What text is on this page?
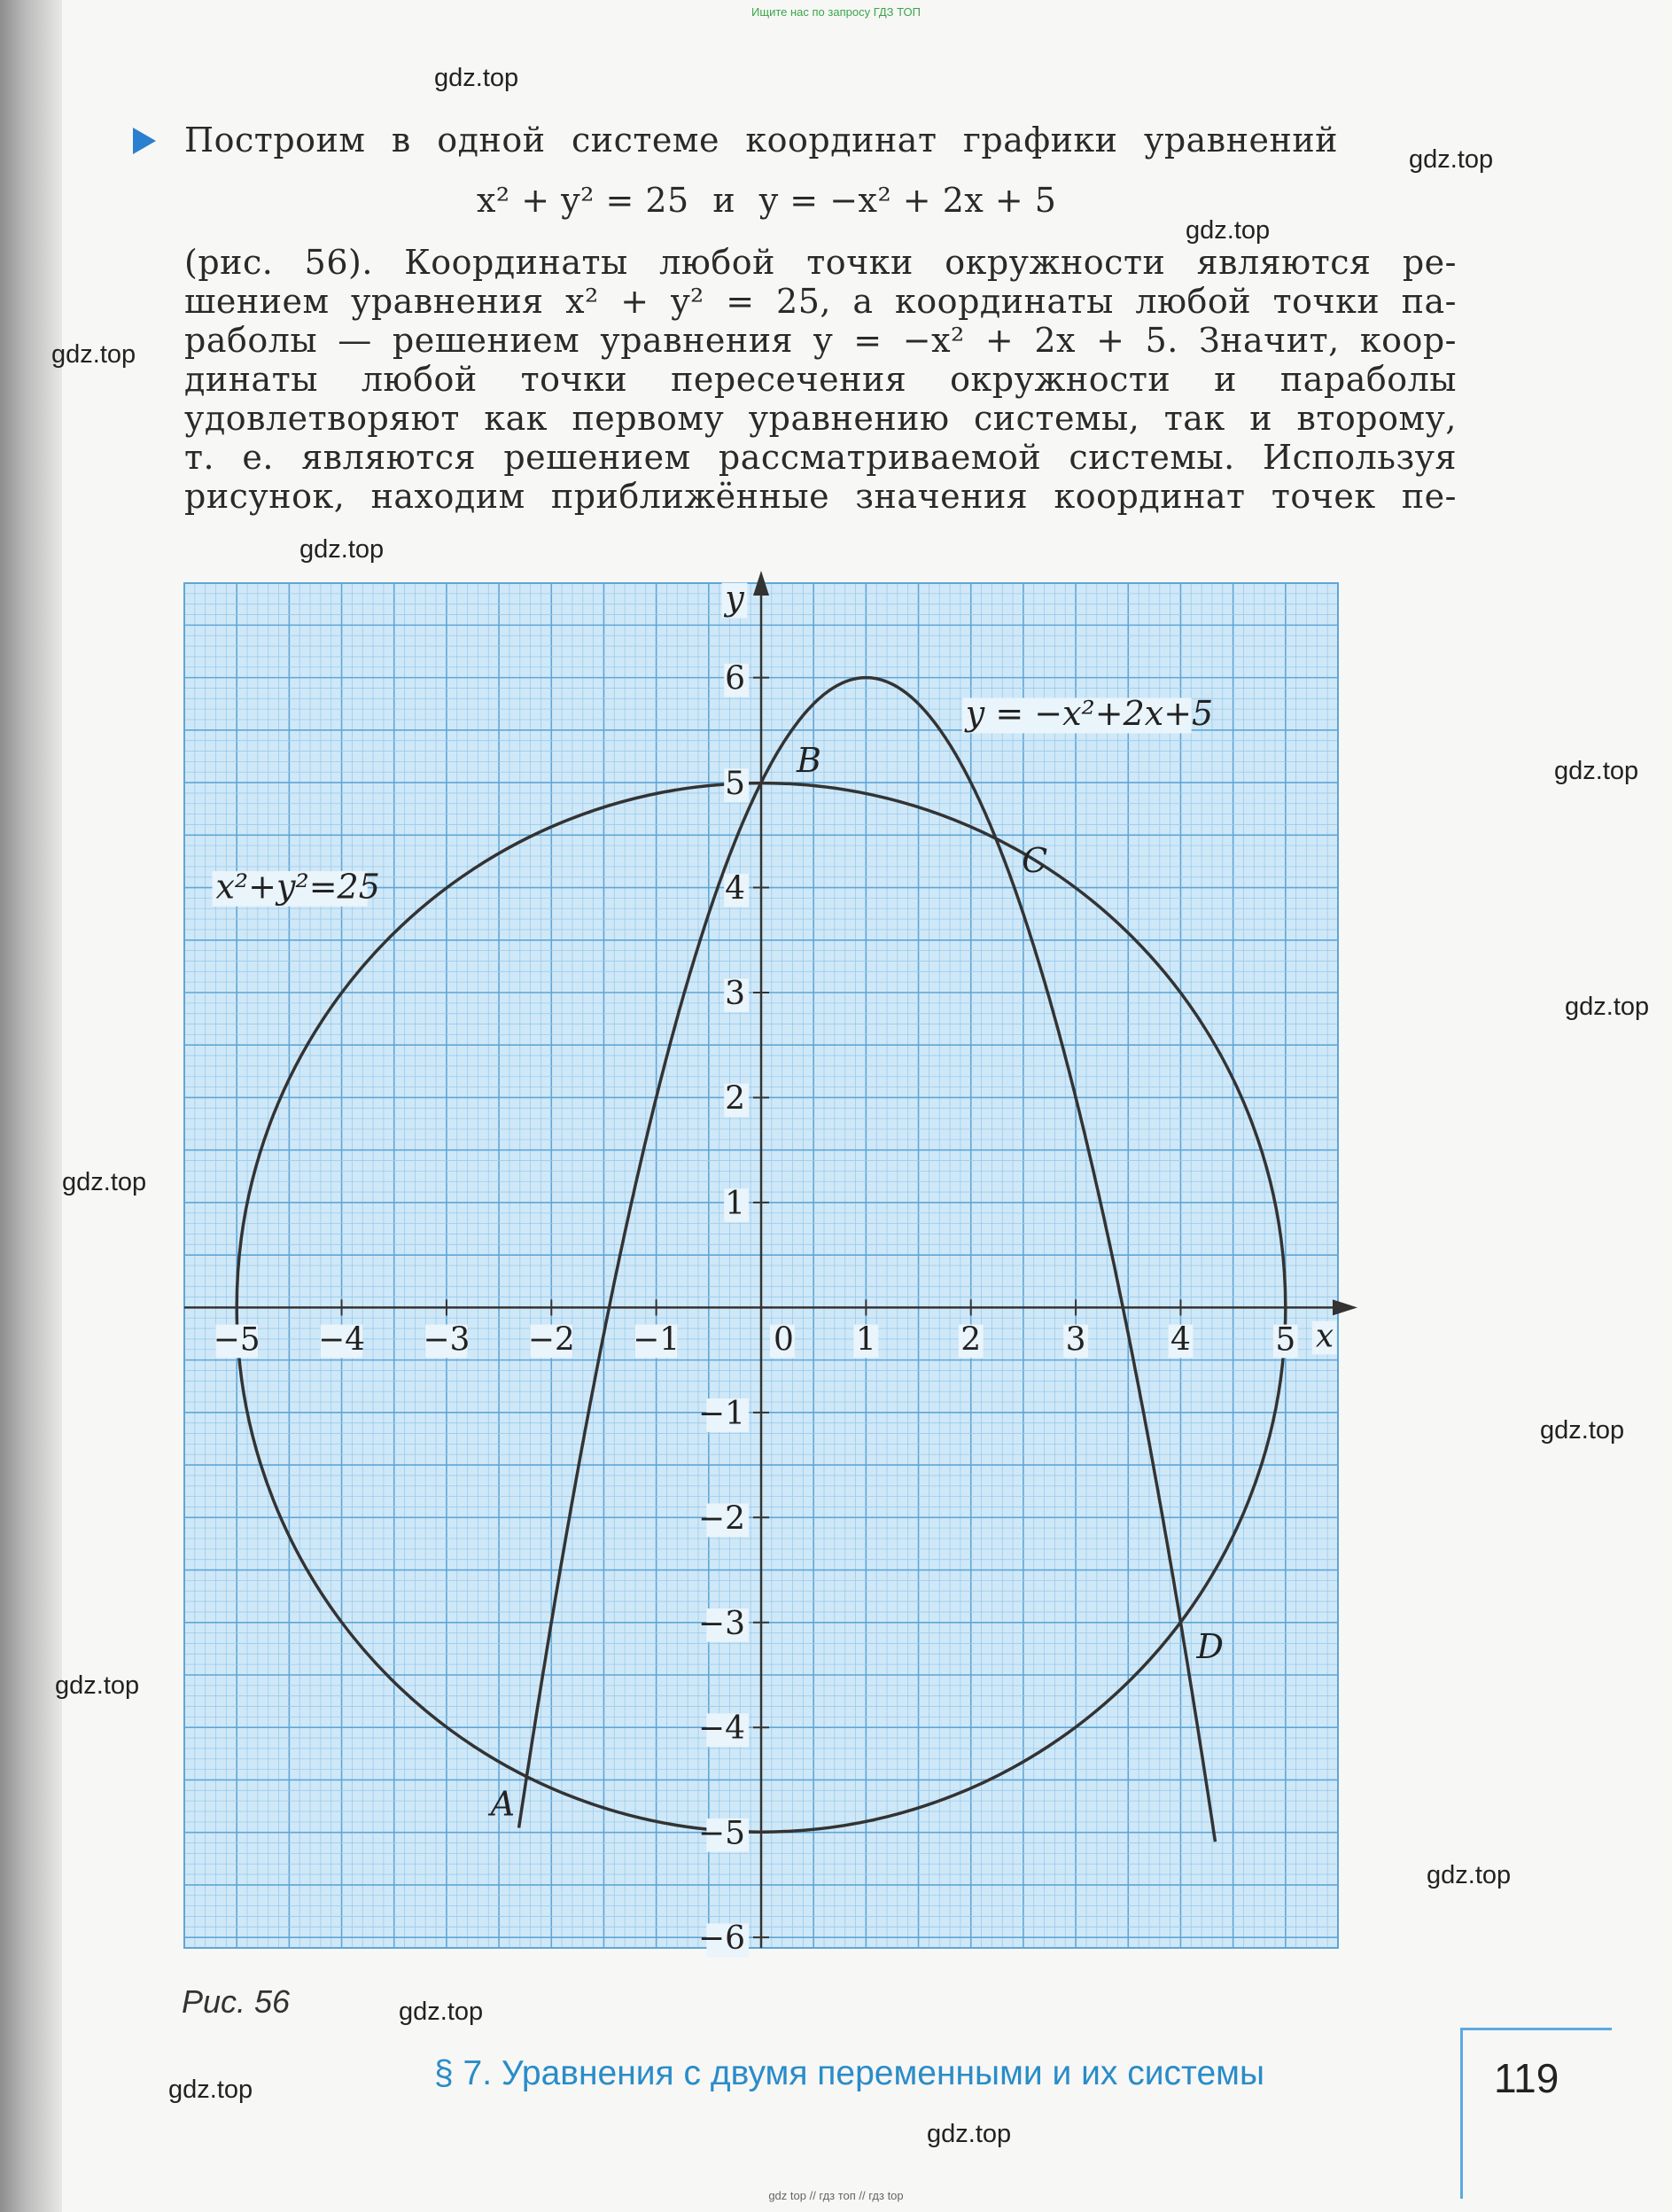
Ищите нас по запросу ГДЗ ТОП
gdz.top
gdz.top
gdz.top
gdz.top
gdz.top
gdz.top
gdz.top
gdz.top
gdz.top
gdz.top
gdz.top
gdz.top
gdz.top
gdz.top
Построим в одной системе координат графики уравнений
x² + y² = 25 и y = −x² + 2x + 5
(рис. 56). Координаты любой точки окружности являются ре-
шением уравнения x² + y² = 25, а координаты любой точки па-
раболы — решением уравнения y = −x² + 2x + 5. Значит, коор-
динаты любой точки пересечения окружности и параболы
удовлетворяют как первому уравнению системы, так и второму,
т. е. являются решением рассматриваемой системы. Используя
рисунок, находим приближённые значения координат точек пе-
−5 −4 −3 −2 −1	0 1	2	3	4	5
6
5
4
3
2
1
−1
−2
−3
−4
−5
−6
x
y
x²+y²=25
y = −x²+2x+5
A
B
C
D
Рис. 56
§ 7. Уравнения с двумя переменными и их системы	119
gdz top // гдз топ // гдз top
